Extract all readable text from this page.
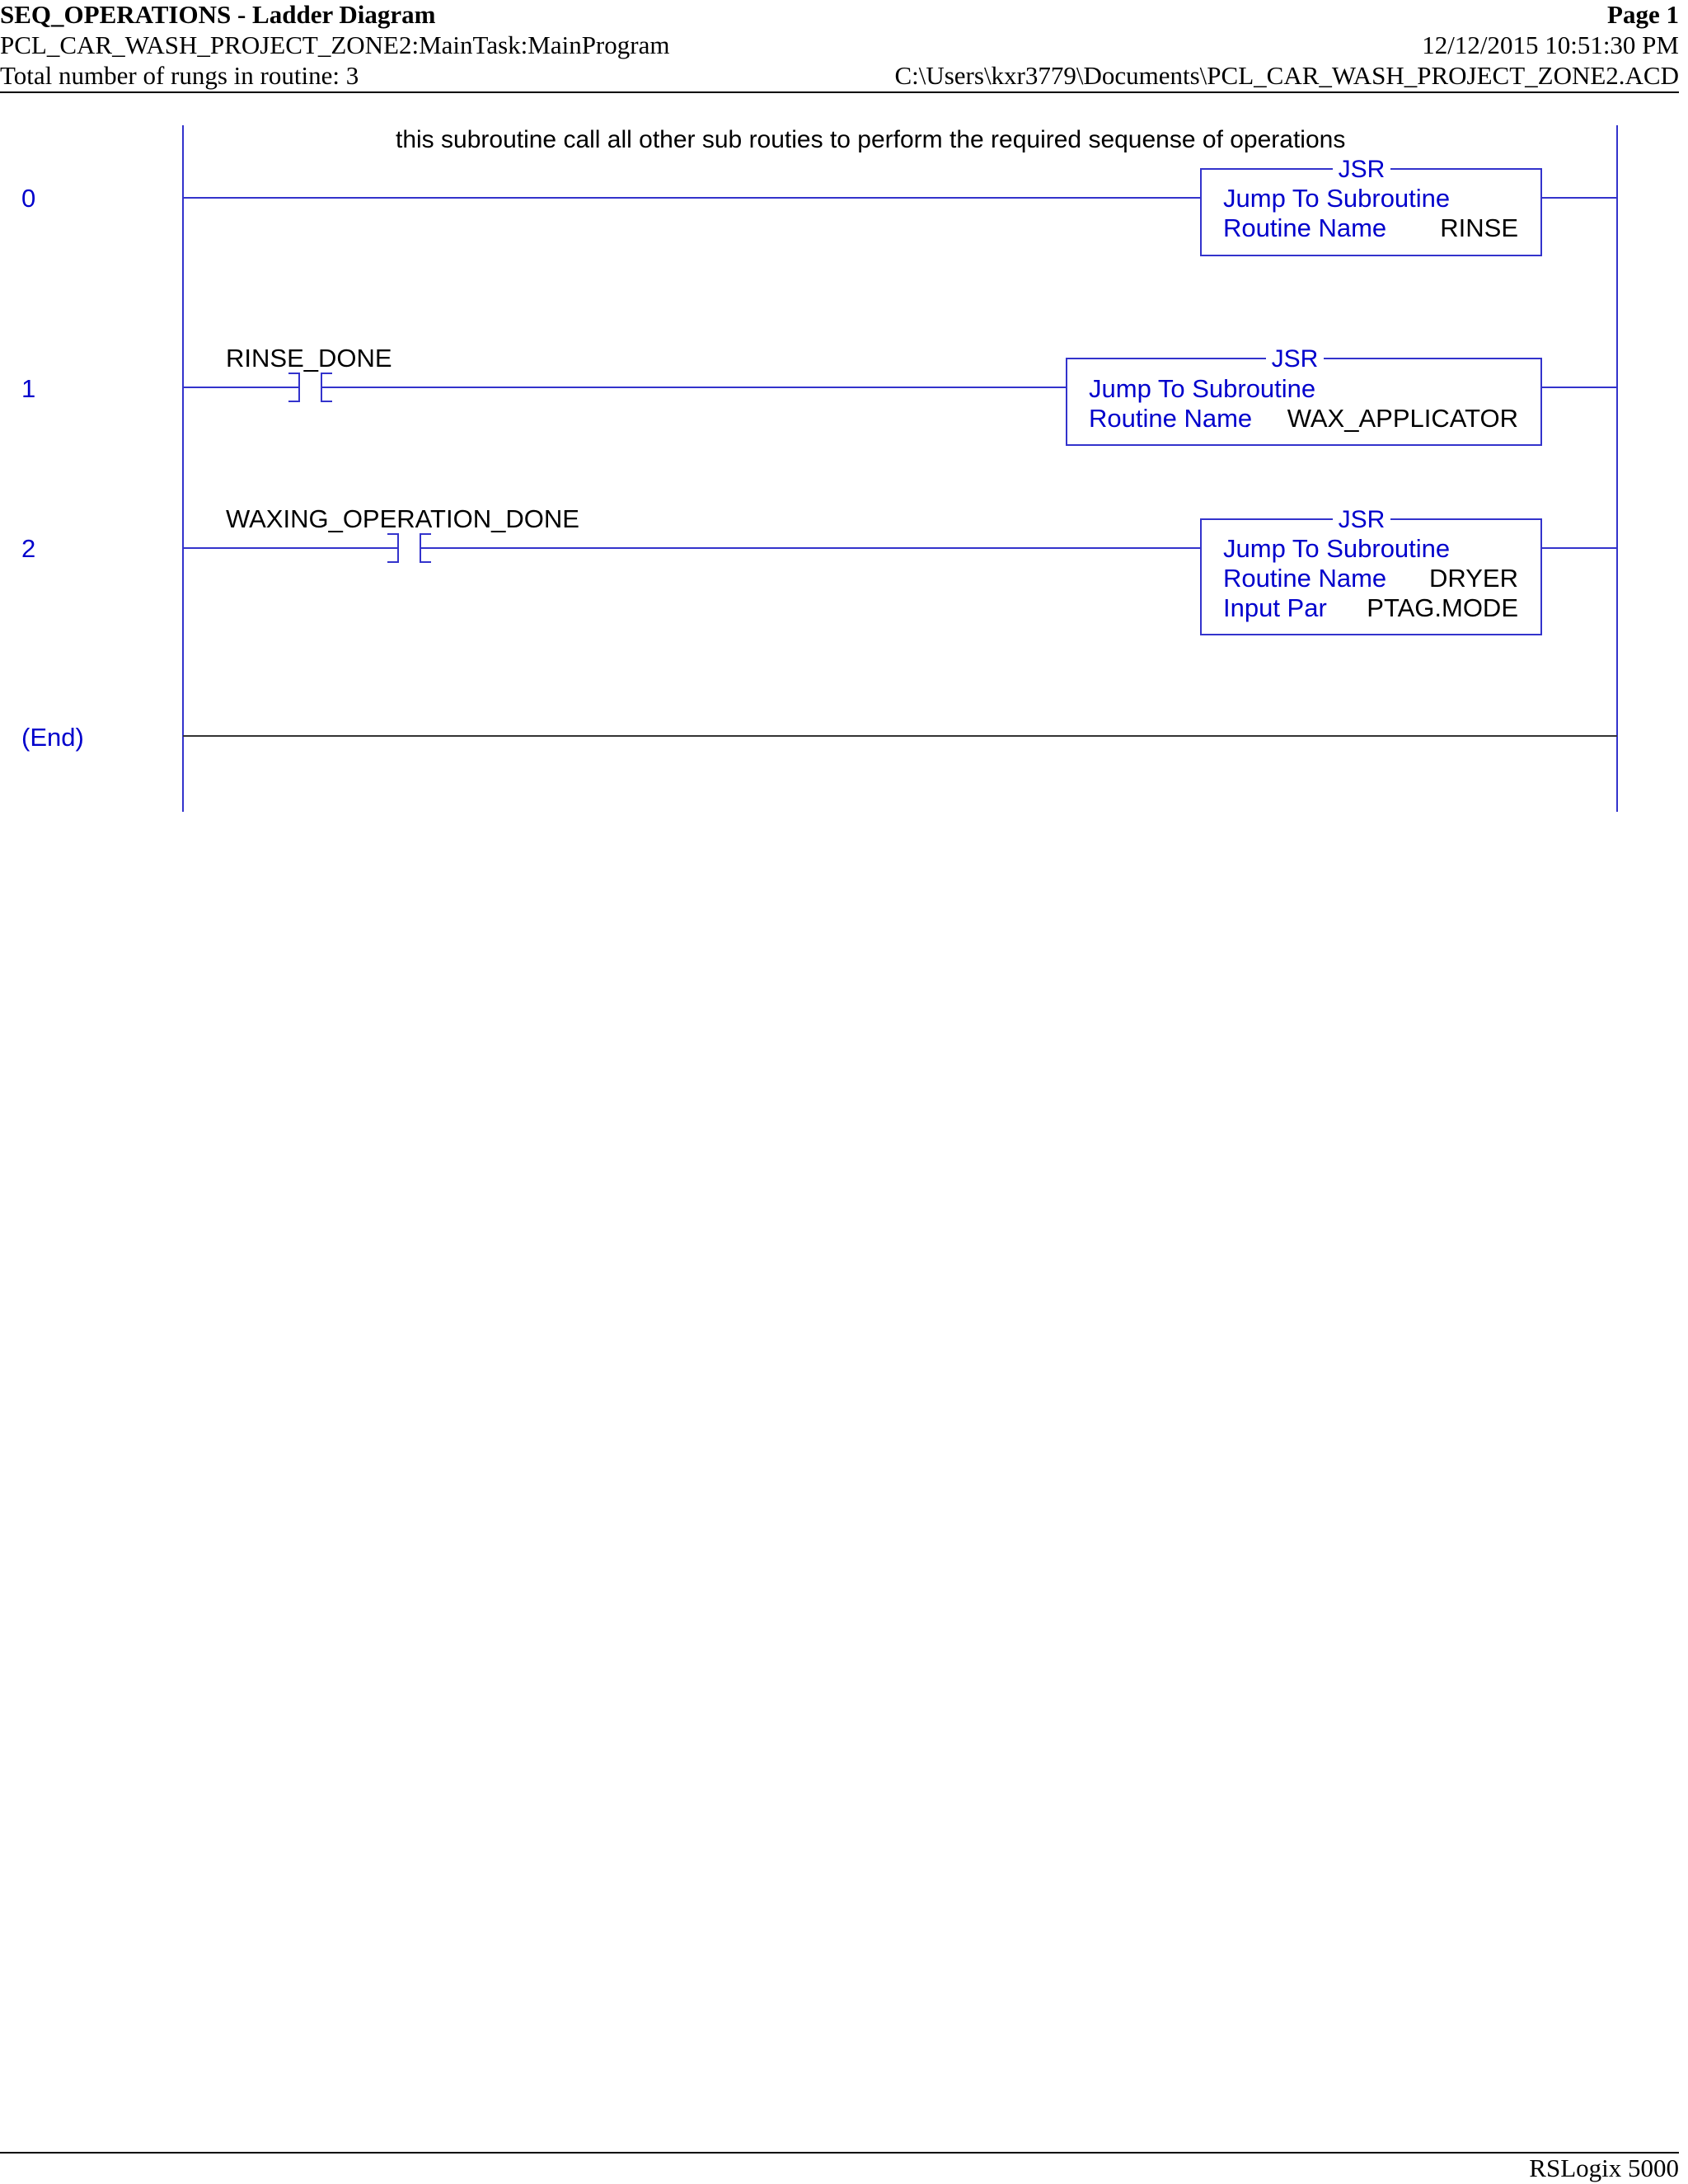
SEQ_OPERATIONS - Ladder Diagram	Page 1
PCL_CAR_WASH_PROJECT_ZONE2:MainTask:MainProgram	12/12/2015 10:51:30 PM
Total number of rungs in routine: 3	C:\Users\kxr3779\Documents\PCL_CAR_WASH_PROJECT_ZONE2.ACD
this subroutine call all other sub routies to perform the required sequense of operations
0
JSR
Jump To Subroutine
Routine Name RINSE
1
RINSE_DONE	JSR
Jump To Subroutine
Routine Name WAX_APPLICATOR
2
WAXING_OPERATION_DONE	JSR
Jump To Subroutine
Routine Name DRYER
Input Par PTAG.MODE
(End)
RSLogix 5000
